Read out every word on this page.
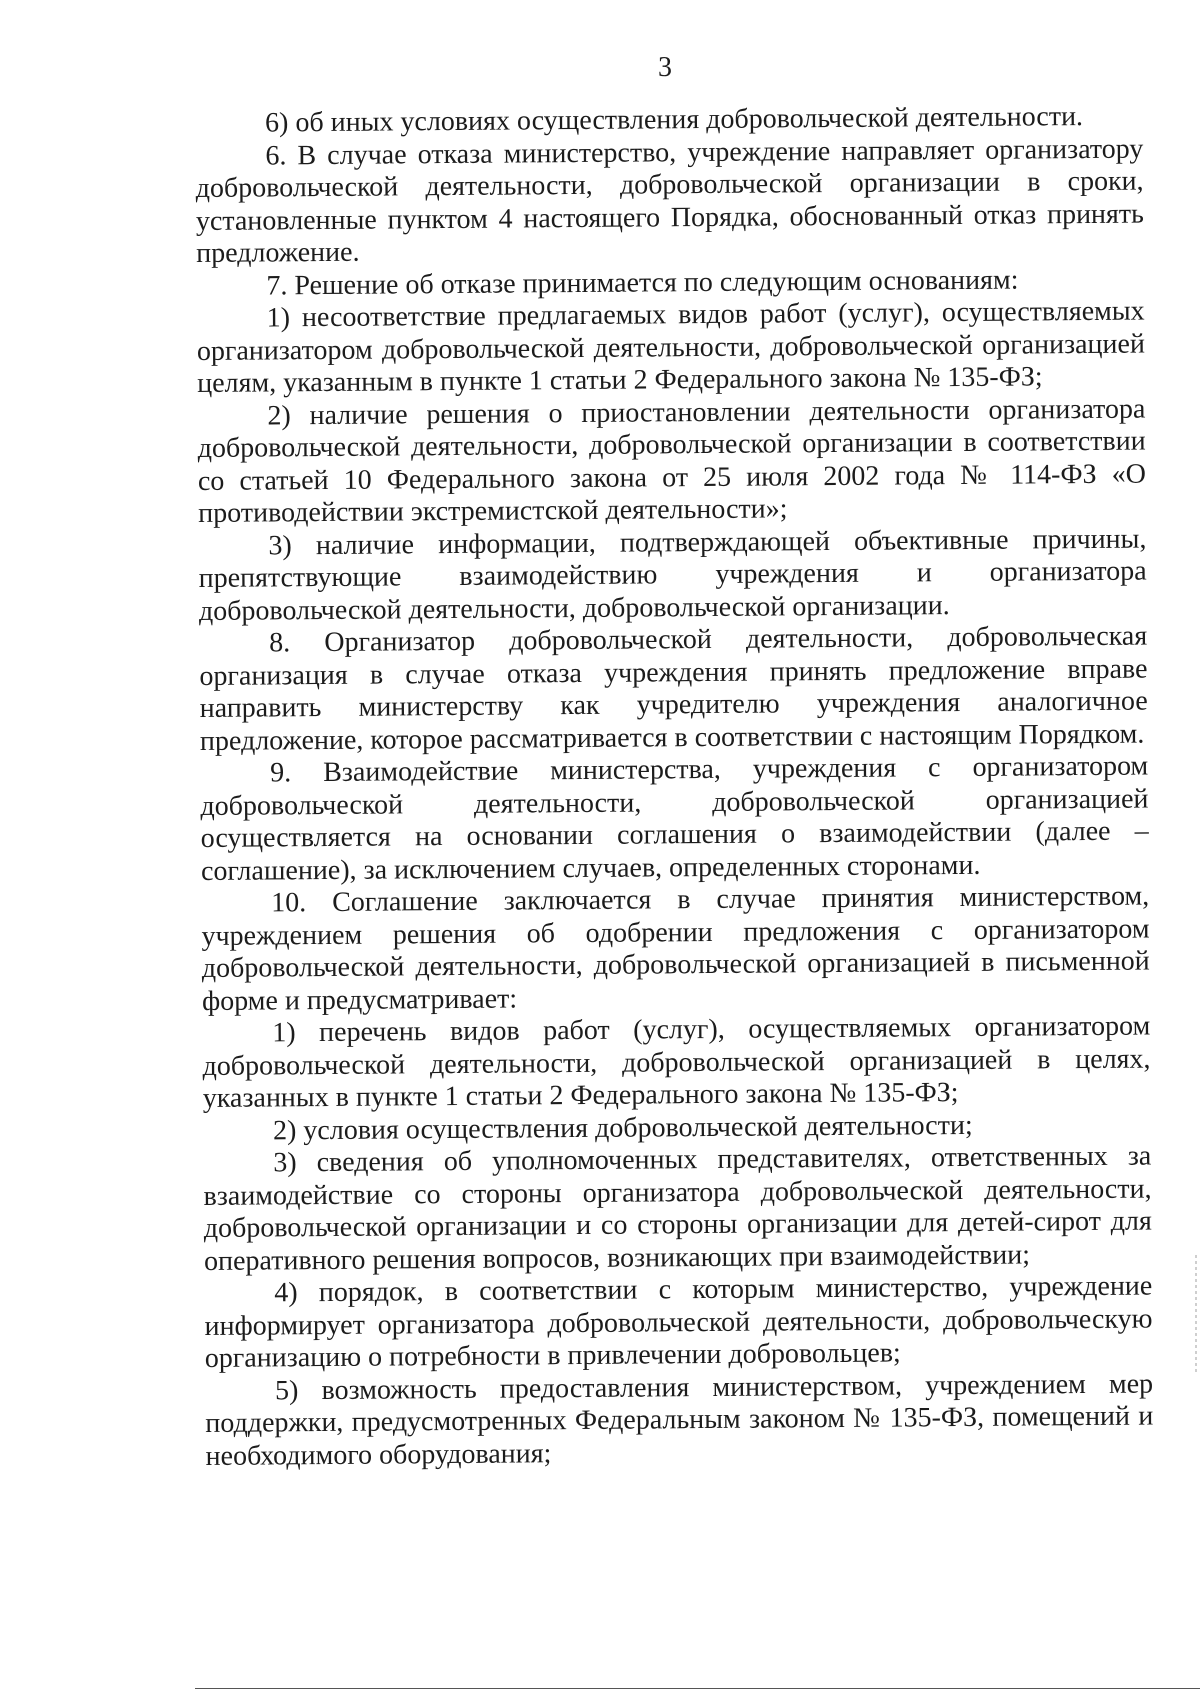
3

6) об иных условиях осуществления добровольческой деятельности.

6. В случае отказа министерство, учреждение направляет организатору добровольческой деятельности, добровольческой организации в сроки, установленные пунктом 4 настоящего Порядка, обоснованный отказ принять предложение.

7. Решение об отказе принимается по следующим основаниям:

1) несоответствие предлагаемых видов работ (услуг), осуществляемых организатором добровольческой деятельности, добровольческой организацией целям, указанным в пункте 1 статьи 2 Федерального закона № 135-ФЗ;

2) наличие решения о приостановлении деятельности организатора добровольческой деятельности, добровольческой организации в соответствии со статьей 10 Федерального закона от 25 июля 2002 года № 114-ФЗ «О противодействии экстремистской деятельности»;

3) наличие информации, подтверждающей объективные причины, препятствующие взаимодействию учреждения и организатора добровольческой деятельности, добровольческой организации.

8. Организатор добровольческой деятельности, добровольческая организация в случае отказа учреждения принять предложение вправе направить министерству как учредителю учреждения аналогичное предложение, которое рассматривается в соответствии с настоящим Порядком.

9. Взаимодействие министерства, учреждения с организатором добровольческой деятельности, добровольческой организацией осуществляется на основании соглашения о взаимодействии (далее – соглашение), за исключением случаев, определенных сторонами.

10. Соглашение заключается в случае принятия министерством, учреждением решения об одобрении предложения с организатором добровольческой деятельности, добровольческой организацией в письменной форме и предусматривает:

1) перечень видов работ (услуг), осуществляемых организатором добровольческой деятельности, добровольческой организацией в целях, указанных в пункте 1 статьи 2 Федерального закона № 135-ФЗ;

2) условия осуществления добровольческой деятельности;

3) сведения об уполномоченных представителях, ответственных за взаимодействие со стороны организатора добровольческой деятельности, добровольческой организации и со стороны организации для детей-сирот для оперативного решения вопросов, возникающих при взаимодействии;

4) порядок, в соответствии с которым министерство, учреждение информирует организатора добровольческой деятельности, добровольческую организацию о потребности в привлечении добровольцев;

5) возможность предоставления министерством, учреждением мер поддержки, предусмотренных Федеральным законом № 135-ФЗ, помещений и необходимого оборудования;
